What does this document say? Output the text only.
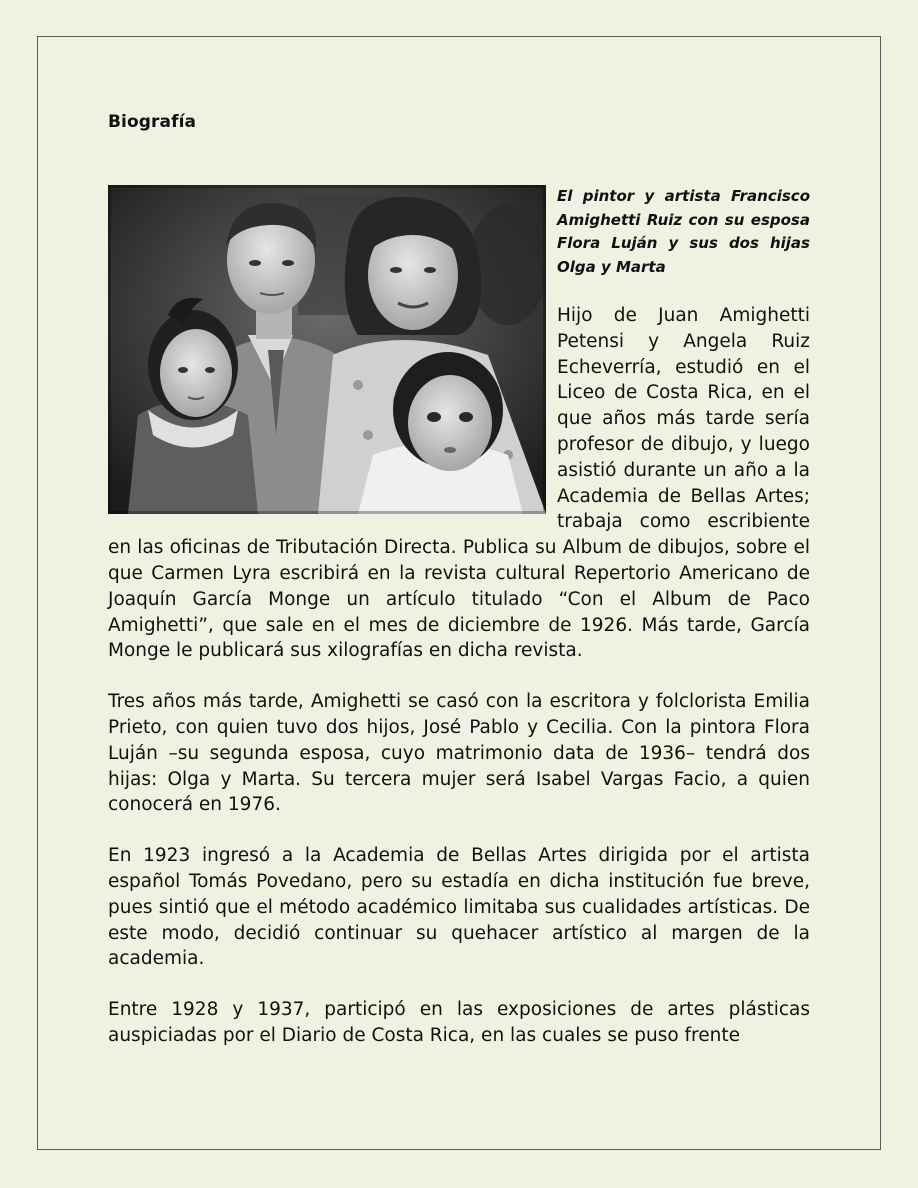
Biografía

El pintor y artista Francisco Amighetti Ruiz con su esposa Flora Luján y sus dos hijas Olga y Marta

Hijo de Juan Amighetti Petensi y Angela Ruiz Echeverría, estudió en el Liceo de Costa Rica, en el que años más tarde sería profesor de dibujo, y luego asistió durante un año a la Academia de Bellas Artes; trabaja como escribiente en las oficinas de Tributación Directa. Publica su Album de dibujos, sobre el que Carmen Lyra escribirá en la revista cultural Repertorio Americano de Joaquín García Monge un artículo titulado “Con el Album de Paco Amighetti”, que sale en el mes de diciembre de 1926. Más tarde, García Monge le publicará sus xilografías en dicha revista.

Tres años más tarde, Amighetti se casó con la escritora y folclorista Emilia Prieto, con quien tuvo dos hijos, José Pablo y Cecilia. Con la pintora Flora Luján –su segunda esposa, cuyo matrimonio data de 1936– tendrá dos hijas: Olga y Marta. Su tercera mujer será Isabel Vargas Facio, a quien conocerá en 1976.

En 1923 ingresó a la Academia de Bellas Artes dirigida por el artista español Tomás Povedano, pero su estadía en dicha institución fue breve, pues sintió que el método académico limitaba sus cualidades artísticas. De este modo, decidió continuar su quehacer artístico al margen de la academia.

Entre 1928 y 1937, participó en las exposiciones de artes plásticas auspiciadas por el Diario de Costa Rica, en las cuales se puso frente
